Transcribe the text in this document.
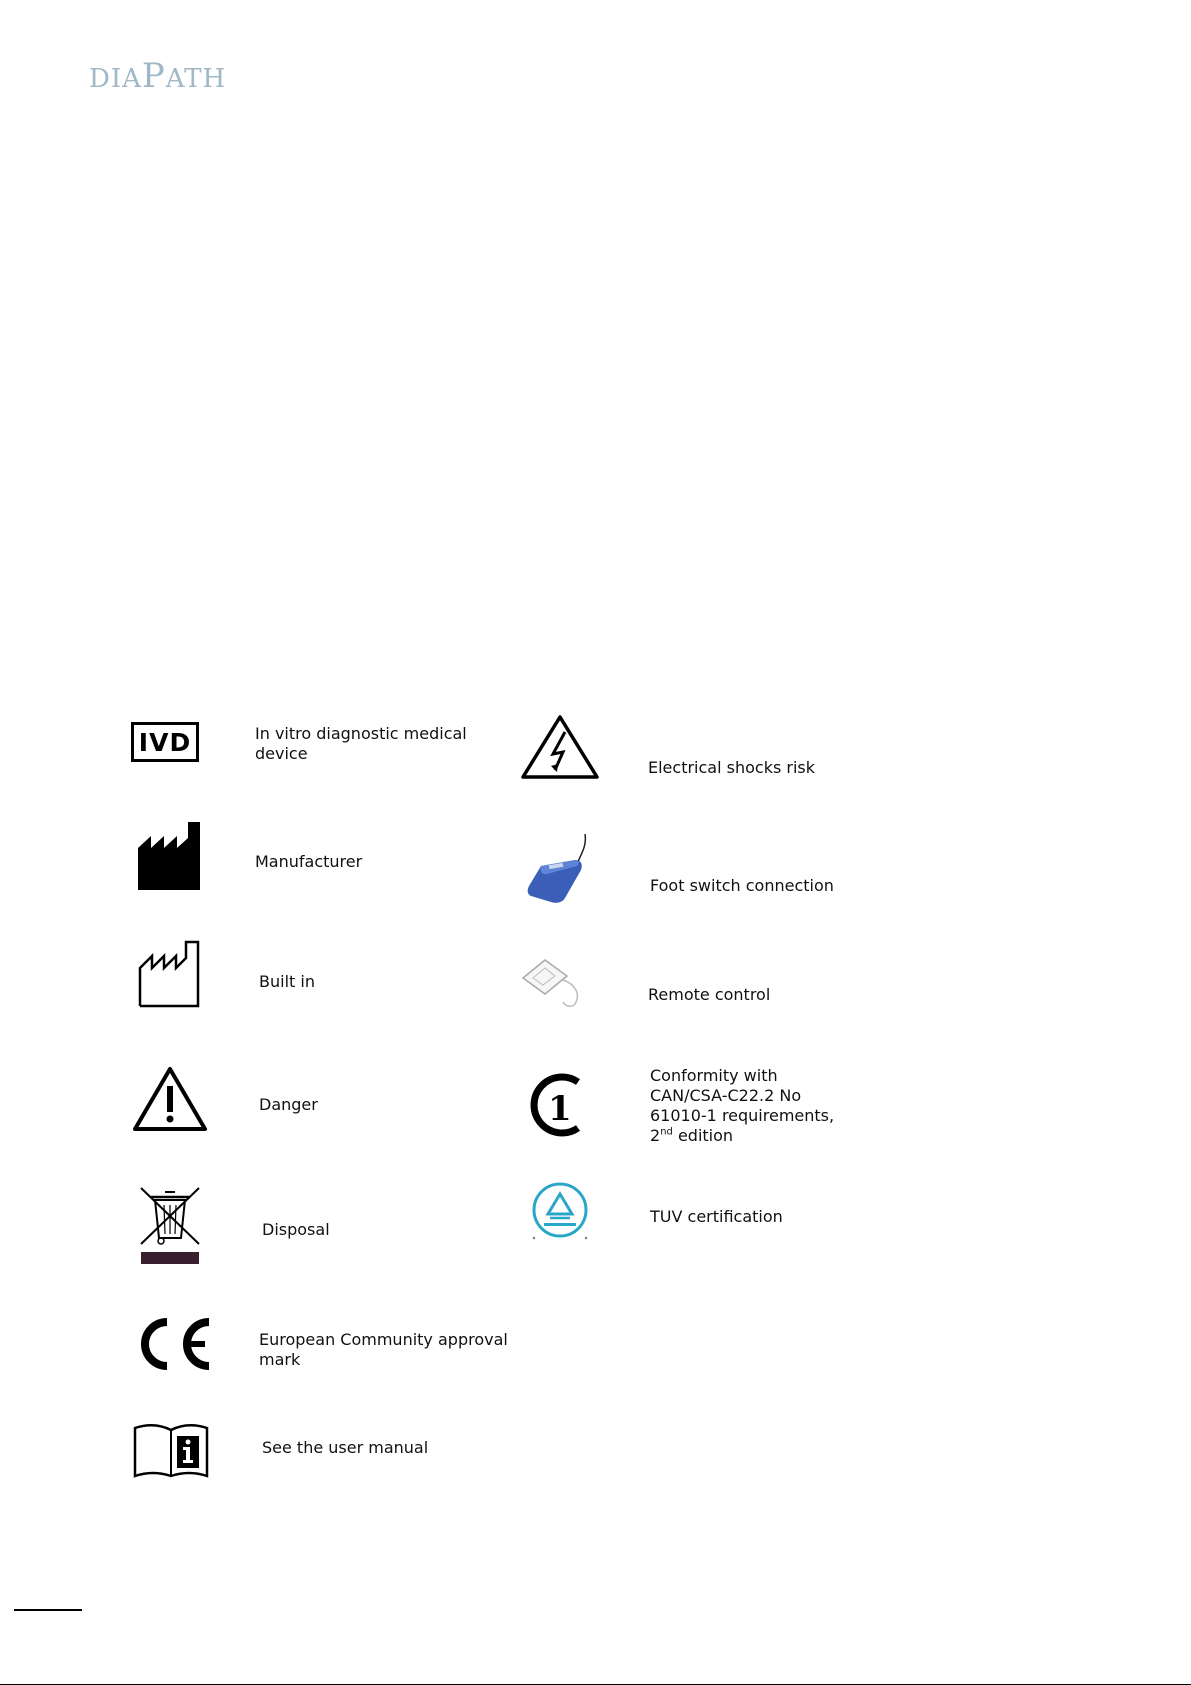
DIAPATH
IVD	In vitro diagnostic medical
device
Manufacturer
Built in
Danger
Disposal
European Community approval
mark
See the user manual
Electrical shocks risk
Foot switch connection
Remote control
1
Conformity with
CAN/CSA-C22.2 No
61010-1 requirements,
2nd edition
TUV certification
